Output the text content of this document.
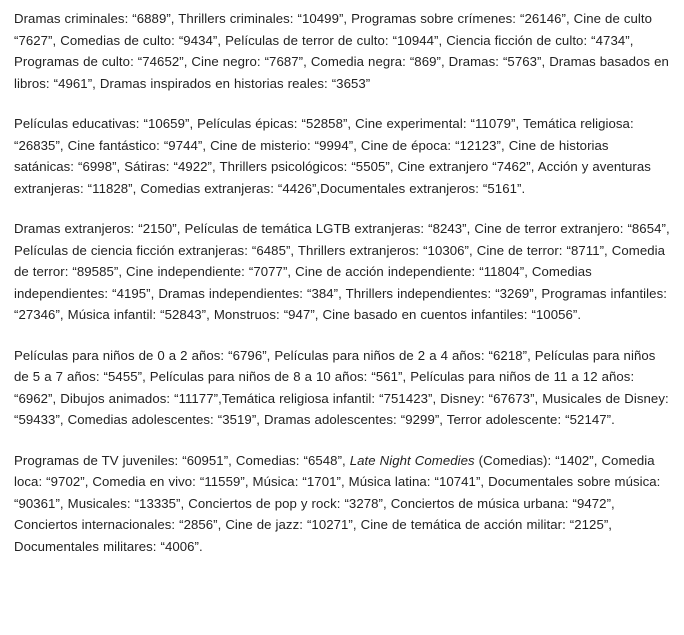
Dramas criminales: “6889”, Thrillers criminales: “10499”, Programas sobre crímenes: “26146”, Cine de culto “7627”, Comedias de culto: “9434”, Películas de terror de culto: “10944”, Ciencia ficción de culto: “4734”, Programas de culto: “74652”, Cine negro: “7687”, Comedia negra: “869”, Dramas: “5763”, Dramas basados en libros: “4961”, Dramas inspirados en historias reales: “3653”

Películas educativas: “10659”, Películas épicas: “52858”, Cine experimental: “11079”, Temática religiosa: “26835”, Cine fantástico: “9744”, Cine de misterio: “9994”, Cine de época: “12123”, Cine de historias satánicas: “6998”, Sátiras: “4922”, Thrillers psicológicos: “5505”, Cine extranjero “7462”, Acción y aventuras extranjeras: “11828”, Comedias extranjeras: “4426”,Documentales extranjeros: “5161”.

Dramas extranjeros: “2150”, Películas de temática LGTB extranjeras: “8243”, Cine de terror extranjero: “8654”, Películas de ciencia ficción extranjeras: “6485”, Thrillers extranjeros: “10306”, Cine de terror: “8711”, Comedia de terror: “89585”, Cine independiente: “7077”, Cine de acción independiente: “11804”, Comedias independientes: “4195”, Dramas independientes: “384”, Thrillers independientes: “3269”, Programas infantiles: “27346”, Música infantil: “52843”, Monstruos: “947”, Cine basado en cuentos infantiles: “10056”.

Películas para niños de 0 a 2 años: “6796”, Películas para niños de 2 a 4 años: “6218”, Películas para niños de 5 a 7 años: “5455”, Películas para niños de 8 a 10 años: “561”, Películas para niños de 11 a 12 años: “6962”, Dibujos animados: “11177”,Temática religiosa infantil: “751423”, Disney: “67673”, Musicales de Disney: “59433”, Comedias adolescentes: “3519”, Dramas adolescentes: “9299”, Terror adolescente: “52147”.

Programas de TV juveniles: “60951”, Comedias: “6548”, Late Night Comedies (Comedias): “1402”, Comedia loca: “9702”, Comedia en vivo: “11559”, Música: “1701”, Música latina: “10741”, Documentales sobre música: “90361”, Musicales: “13335”, Conciertos de pop y rock: “3278”, Conciertos de música urbana: “9472”, Conciertos internacionales: “2856”, Cine de jazz: “10271”, Cine de temática de acción militar: “2125”, Documentales militares: “4006”.
